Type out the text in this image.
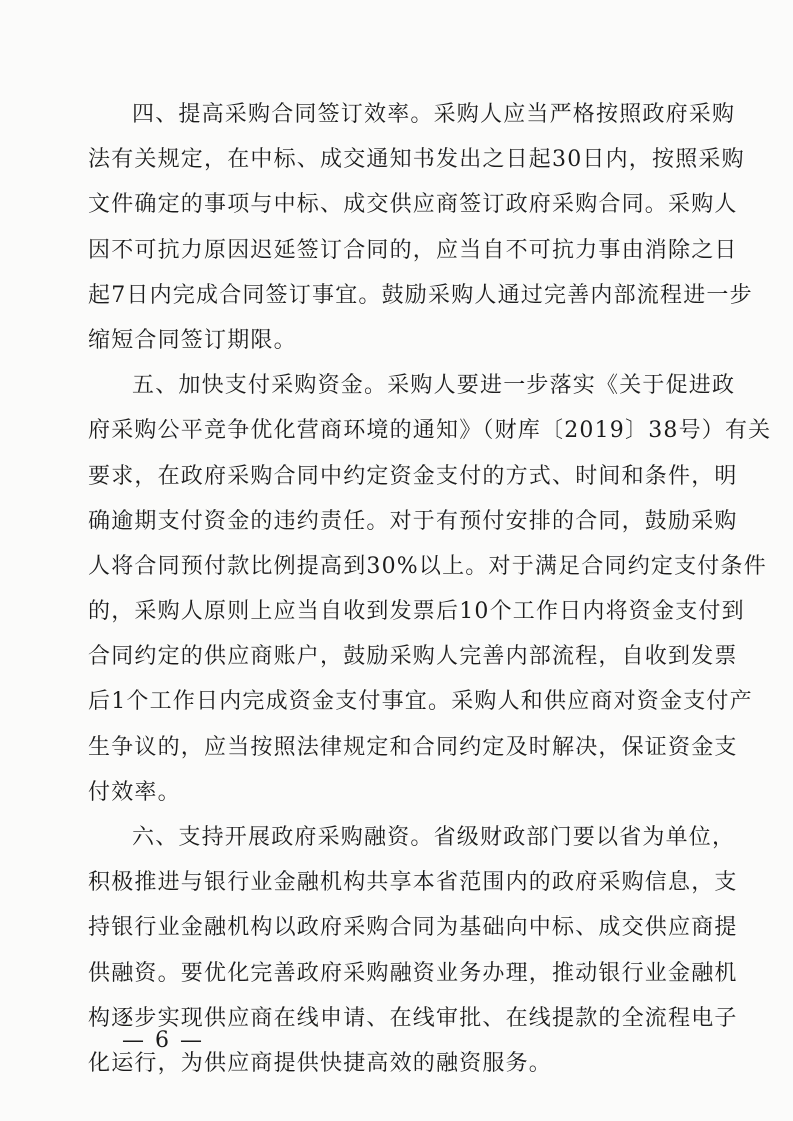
四、提高采购合同签订效率。采购人应当严格按照政府采购
法有关规定，在中标、成交通知书发出之日起30日内，按照采购
文件确定的事项与中标、成交供应商签订政府采购合同。采购人
因不可抗力原因迟延签订合同的，应当自不可抗力事由消除之日
起7日内完成合同签订事宜。鼓励采购人通过完善内部流程进一步
缩短合同签订期限。
五、加快支付采购资金。采购人要进一步落实《关于促进政
府采购公平竞争优化营商环境的通知》（财库〔2019〕38号）有关
要求，在政府采购合同中约定资金支付的方式、时间和条件，明
确逾期支付资金的违约责任。对于有预付安排的合同，鼓励采购
人将合同预付款比例提高到30%以上。对于满足合同约定支付条件
的，采购人原则上应当自收到发票后10个工作日内将资金支付到
合同约定的供应商账户，鼓励采购人完善内部流程，自收到发票
后1个工作日内完成资金支付事宜。采购人和供应商对资金支付产
生争议的，应当按照法律规定和合同约定及时解决，保证资金支
付效率。
六、支持开展政府采购融资。省级财政部门要以省为单位，
积极推进与银行业金融机构共享本省范围内的政府采购信息，支
持银行业金融机构以政府采购合同为基础向中标、成交供应商提
供融资。要优化完善政府采购融资业务办理，推动银行业金融机
构逐步实现供应商在线申请、在线审批、在线提款的全流程电子
化运行，为供应商提供快捷高效的融资服务。
— 6 —
